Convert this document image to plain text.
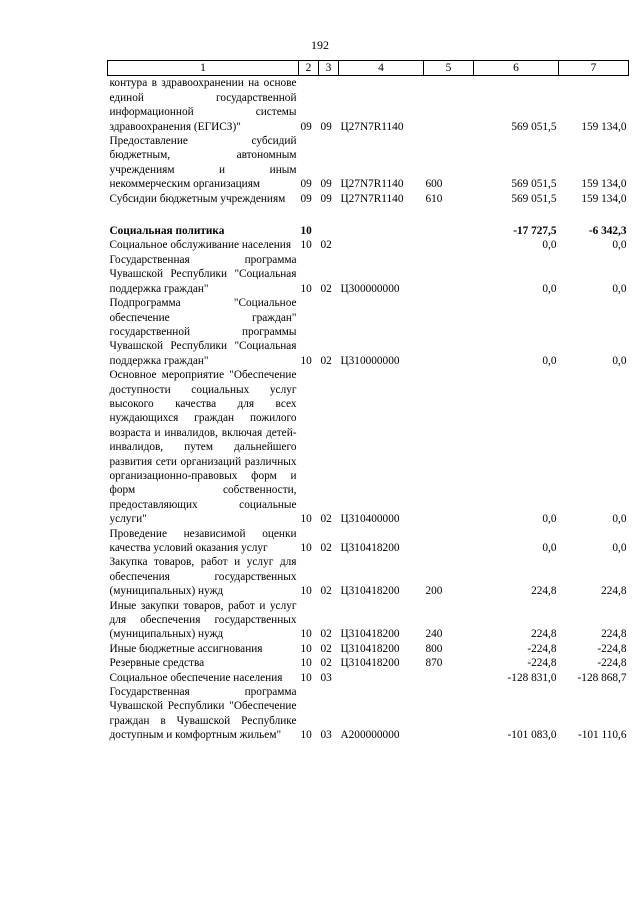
192
1	2	3	4	5	6	7
контура в здравоохранении на основе единой государственной информационной системы здравоохранения (ЕГИСЗ)"	09	09	Ц27N7R1140		569 051,5	159 134,0
Предоставление субсидий бюджетным, автономным учреждениям и иным некоммерческим организациям	09	09	Ц27N7R1140	600	569 051,5	159 134,0
Субсидии бюджетным учреждениям	09	09	Ц27N7R1140	610	569 051,5	159 134,0

Социальная политика	10				-17 727,5	-6 342,3
Социальное обслуживание населения	10	02			0,0	0,0
Государственная программа Чувашской Республики "Социальная поддержка граждан"	10	02	Ц300000000		0,0	0,0
Подпрограмма "Социальное обеспечение граждан" государственной программы Чувашской Республики "Социальная поддержка граждан"	10	02	Ц310000000		0,0	0,0
Основное мероприятие "Обеспечение доступности социальных услуг высокого качества для всех нуждающихся граждан пожилого возраста и инвалидов, включая детей-инвалидов, путем дальнейшего развития сети организаций различных организационно-правовых форм и форм собственности, предоставляющих социальные услуги"	10	02	Ц310400000		0,0	0,0
Проведение независимой оценки качества условий оказания услуг	10	02	Ц310418200		0,0	0,0
Закупка товаров, работ и услуг для обеспечения государственных (муниципальных) нужд	10	02	Ц310418200	200	224,8	224,8
Иные закупки товаров, работ и услуг для обеспечения государственных (муниципальных) нужд	10	02	Ц310418200	240	224,8	224,8
Иные бюджетные ассигнования	10	02	Ц310418200	800	-224,8	-224,8
Резервные средства	10	02	Ц310418200	870	-224,8	-224,8
Социальное обеспечение населения	10	03			-128 831,0	-128 868,7
Государственная программа Чувашской Республики "Обеспечение граждан в Чувашской Республике доступным и комфортным жильем"	10	03	А200000000		-101 083,0	-101 110,6
